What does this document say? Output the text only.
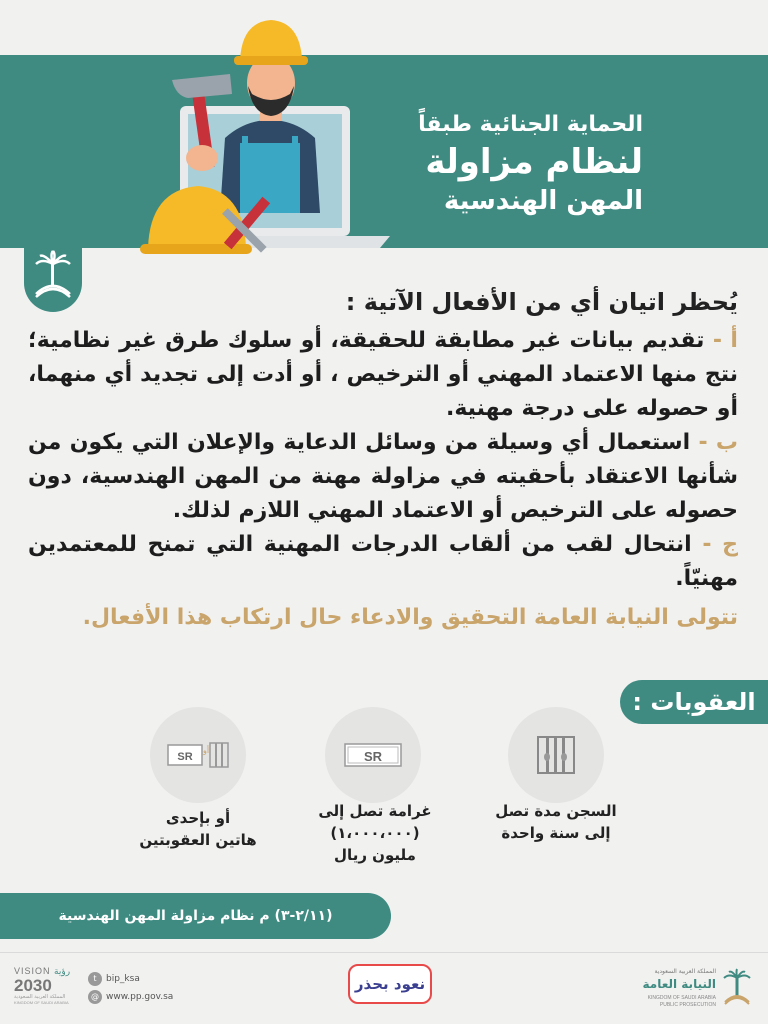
الحماية الجنائية طبقاً
لنظام مزاولة
المهن الهندسية

يُحظر اتيان أي من الأفعال الآتية :

أ - تقديم بيانات غير مطابقة للحقيقة، أو سلوك طرق غير نظامية؛ نتج منها الاعتماد المهني أو الترخيص ، أو أدت إلى تجديد أي منهما، أو حصوله على درجة مهنية.

ب - استعمال أي وسيلة من وسائل الدعاية والإعلان التي يكون من شأنها الاعتقاد بأحقيته في مزاولة مهنة من المهن الهندسية، دون حصوله على الترخيص أو الاعتماد المهني اللازم لذلك.

ج - انتحال لقب من ألقاب الدرجات المهنية التي تمنح للمعتمدين مهنيّاً.

تتولى النيابة العامة التحقيق والادعاء حال ارتكاب هذا الأفعال.

العقوبات :
السجن مدة تصل
إلى سنة واحدة
SR
غرامة تصل إلى
(١،٠٠٠،٠٠٠)
مليون ريال
SR
أو
أو بإحدى
هاتين العقوبتين
(٢/١١-٣) م نظام مزاولة المهن الهندسية
VISION رؤية
2030
المملكة العربية السعودية
KINGDOM OF SAUDI ARABIA
t	bip_ksa
@ www.pp.gov.sa
نعود بحذر
المملكة العربية السعودية
النيابة العامة
KINGDOM OF SAUDI ARABIA
PUBLIC PROSECUTION
